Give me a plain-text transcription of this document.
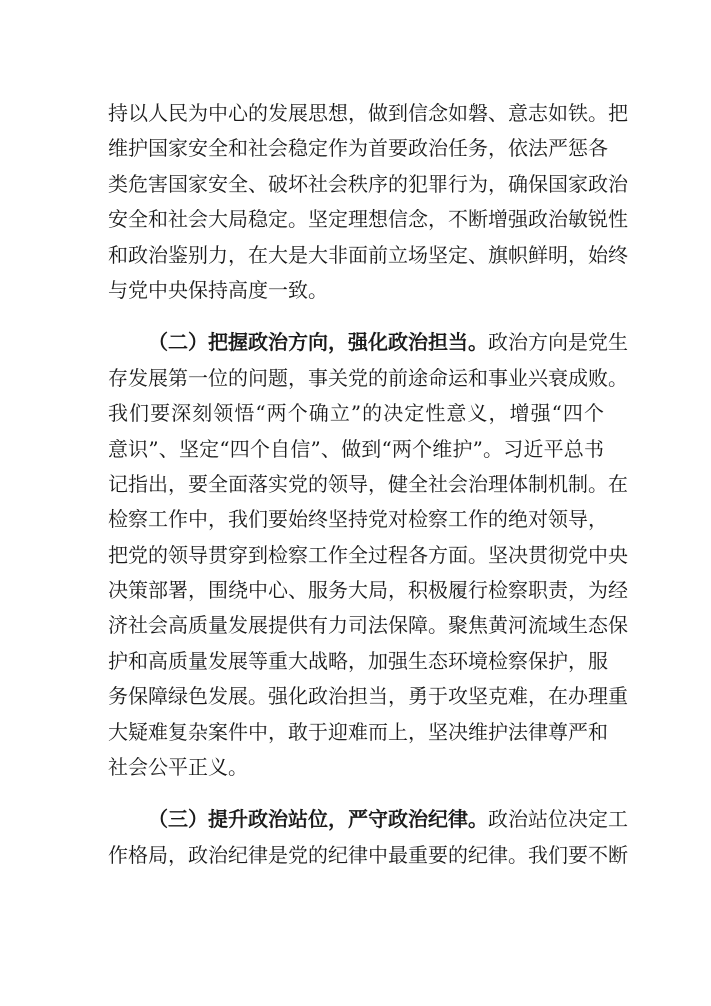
持以人民为中心的发展思想，做到信念如磐、意志如铁。把
维护国家安全和社会稳定作为首要政治任务，依法严惩各
类危害国家安全、破坏社会秩序的犯罪行为，确保国家政治
安全和社会大局稳定。坚定理想信念，不断增强政治敏锐性
和政治鉴别力，在大是大非面前立场坚定、旗帜鲜明，始终
与党中央保持高度一致。
（二）把握政治方向，强化政治担当。政治方向是党生
存发展第一位的问题，事关党的前途命运和事业兴衰成败。
我们要深刻领悟“两个确立”的决定性意义，增强“四个
意识”、坚定“四个自信”、做到“两个维护”。习近平总书
记指出，要全面落实党的领导，健全社会治理体制机制。在
检察工作中，我们要始终坚持党对检察工作的绝对领导，
把党的领导贯穿到检察工作全过程各方面。坚决贯彻党中央
决策部署，围绕中心、服务大局，积极履行检察职责，为经
济社会高质量发展提供有力司法保障。聚焦黄河流域生态保
护和高质量发展等重大战略，加强生态环境检察保护，服
务保障绿色发展。强化政治担当，勇于攻坚克难，在办理重
大疑难复杂案件中，敢于迎难而上，坚决维护法律尊严和
社会公平正义。
（三）提升政治站位，严守政治纪律。政治站位决定工
作格局，政治纪律是党的纪律中最重要的纪律。我们要不断
